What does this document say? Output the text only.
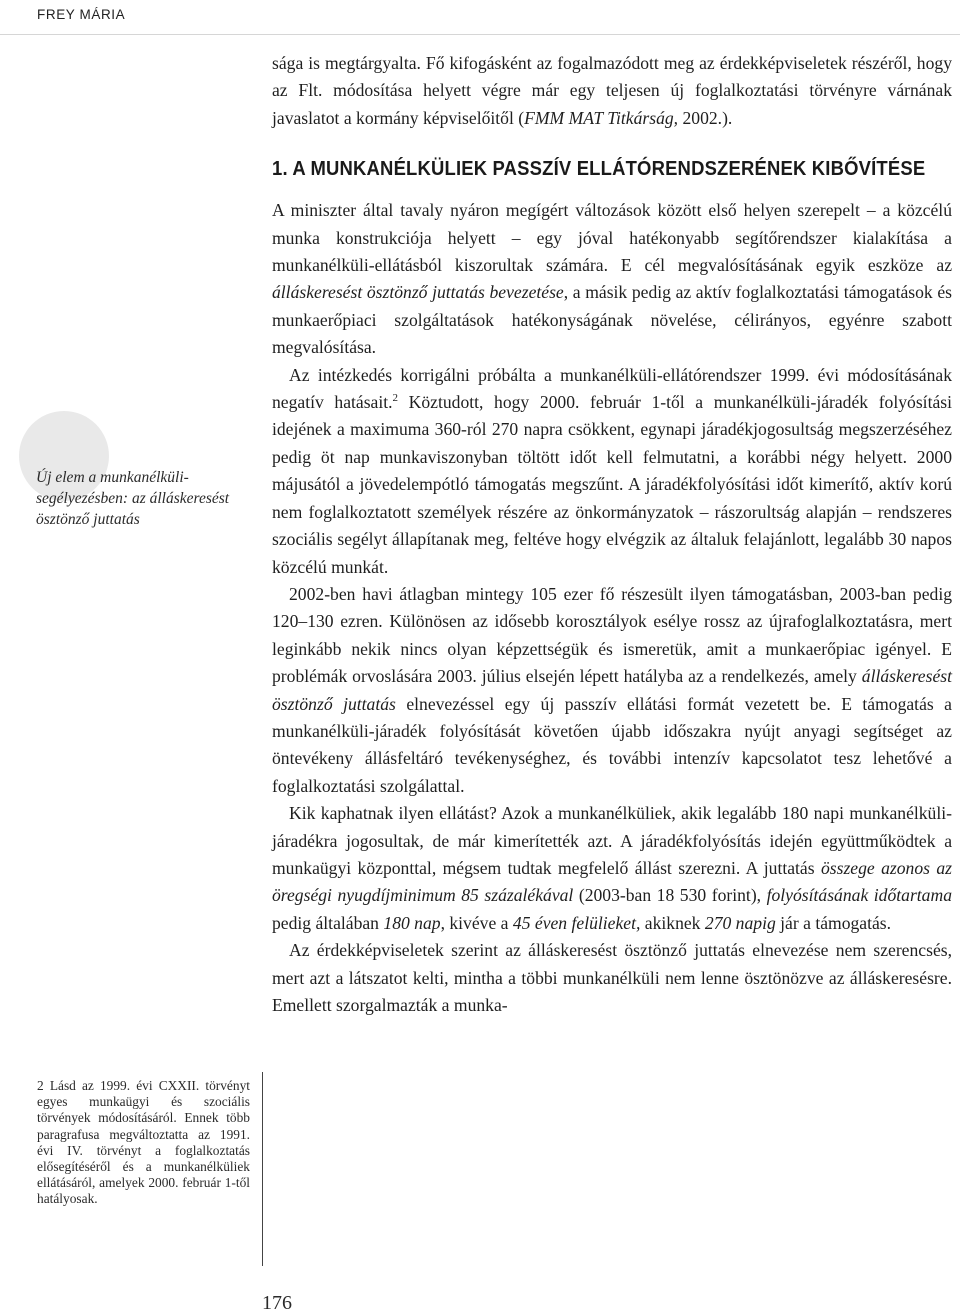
FREY MÁRIA
Új elem a munkanélküli-segélyezésben: az álláskeresést ösztönző juttatás

2 Lásd az 1999. évi CXXII. törvényt egyes munkaügyi és szociális törvények módosításáról. Ennek több paragrafusa megváltoztatta az 1991. évi IV. törvényt a foglalkoztatás elősegítéséről és a munkanélküliek ellátásáról, amelyek 2000. február 1-től hatályosak.

sága is megtárgyalta. Fő kifogásként az fogalmazódott meg az érdekképviseletek részéről, hogy az Flt. módosítása helyett végre már egy teljesen új foglalkoztatási törvényre várnának javaslatot a kormány képviselőitől (FMM MAT Titkárság, 2002.).

1. A MUNKANÉLKÜLIEK PASSZÍV ELLÁTÓRENDSZERÉNEK KIBŐVÍTÉSE

A miniszter által tavaly nyáron megígért változások között első helyen szerepelt – a közcélú munka konstrukciója helyett – egy jóval hatékonyabb segítőrendszer kialakítása a munkanélküli-ellátásból kiszorultak számára. E cél megvalósításának egyik eszköze az álláskeresést ösztönző juttatás bevezetése, a másik pedig az aktív foglalkoztatási támogatások és munkaerőpiaci szolgáltatások hatékonyságának növelése, célirányos, egyénre szabott megvalósítása.

Az intézkedés korrigálni próbálta a munkanélküli-ellátórendszer 1999. évi módosításának negatív hatásait.$^2$ Köztudott, hogy 2000. február 1-től a munkanélküli-járadék folyósítási idejének a maximuma 360-ról 270 napra csökkent, egynapi járadékjogosultság megszerzéséhez pedig öt nap munkaviszonyban töltött időt kell felmutatni, a korábbi négy helyett. 2000 májusától a jövedelempótló támogatás megszűnt. A járadékfolyósítási időt kimerítő, aktív korú nem foglalkoztatott személyek részére az önkormányzatok – rászorultság alapján – rendszeres szociális segélyt állapítanak meg, feltéve hogy elvégzik az általuk felajánlott, legalább 30 napos közcélú munkát.

2002-ben havi átlagban mintegy 105 ezer fő részesült ilyen támogatásban, 2003-ban pedig 120–130 ezren. Különösen az idősebb korosztályok esélye rossz az újrafoglalkoztatásra, mert leginkább nekik nincs olyan képzettségük és ismeretük, amit a munkaerőpiac igényel. E problémák orvoslására 2003. július elsején lépett hatályba az a rendelkezés, amely álláskeresést ösztönző juttatás elnevezéssel egy új passzív ellátási formát vezetett be. E támogatás a munkanélküli-járadék folyósítását követően újabb időszakra nyújt anyagi segítséget az öntevékeny állásfeltáró tevékenységhez, és további intenzív kapcsolatot tesz lehetővé a foglalkoztatási szolgálattal.

Kik kaphatnak ilyen ellátást? Azok a munkanélküliek, akik legalább 180 napi munkanélküli-járadékra jogosultak, de már kimerítették azt. A járadékfolyósítás idején együttműködtek a munkaügyi központtal, mégsem tudtak megfelelő állást szerezni. A juttatás összege azonos az öregségi nyugdíjminimum 85 százalékával (2003-ban 18 530 forint), folyósításának időtartama pedig általában 180 nap, kivéve a 45 éven felülieket, akiknek 270 napig jár a támogatás.

Az érdekképviseletek szerint az álláskeresést ösztönző juttatás elnevezése nem szerencsés, mert azt a látszatot kelti, mintha a többi munkanélküli nem lenne ösztönözve az álláskeresésre. Emellett szorgalmazták a munka-

176
